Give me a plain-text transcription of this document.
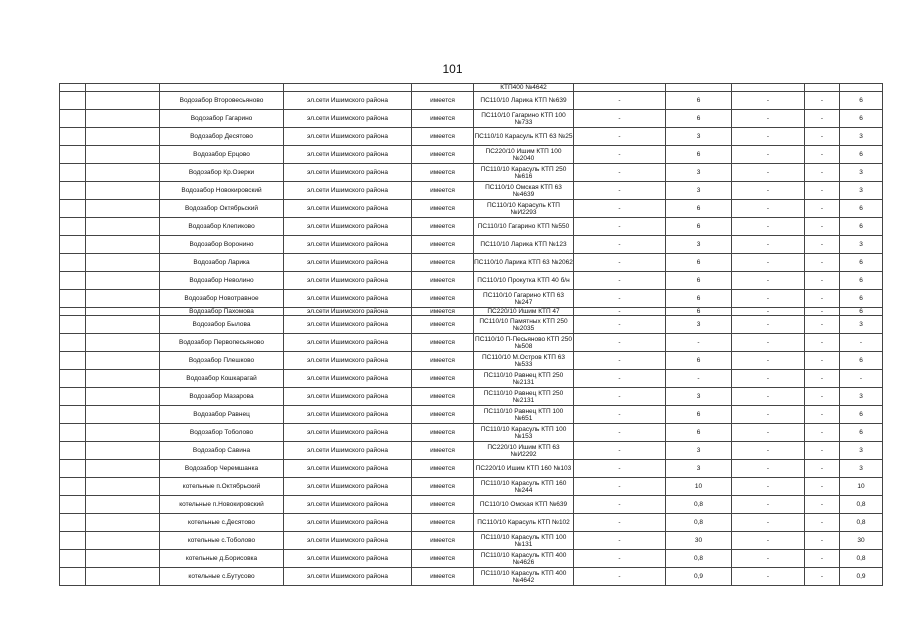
101

					КТП400 №4642					

		Водозабор Второвесьяново	эл.сети Ишимского района	имеется	ПС110/10 Ларика КТП №639	-	6	-	-	6

		Водозабор Гагарино	эл.сети Ишимского района	имеется	ПС110/10 Гагарино КТП 100 №733	-	6	-	-	6

		Водозабор Десятово	эл.сети Ишимского района	имеется	ПС110/10 Карасуль КТП 63 №25	-	3	-	-	3

		Водозабор Ерцово	эл.сети Ишимского района	имеется	ПС220/10 Ишим КТП 100 №2040	-	6	-	-	6

		Водозабор Кр.Озерки	эл.сети Ишимского района	имеется	ПС110/10 Карасуль КТП 250 №616	-	3	-	-	3

		Водозабор Новокировский	эл.сети Ишимского района	имеется	ПС110/10 Омская КТП 63 №4639	-	3	-	-	3

		Водозабор Октябрьский	эл.сети Ишимского района	имеется	ПС110/10 Карасуль КТП №И2293	-	6	-	-	6

		Водозабор Клепиково	эл.сети Ишимского района	имеется	ПС110/10 Гагарино КТП №550	-	6	-	-	6

		Водозабор Воронино	эл.сети Ишимского района	имеется	ПС110/10 Ларика КТП №123	-	3	-	-	3

		Водозабор Ларика	эл.сети Ишимского района	имеется	ПС110/10 Ларика КТП 63 №2062	-	6	-	-	6

		Водозабор Неволино	эл.сети Ишимского района	имеется	ПС110/10 Прокутка КТП 40 б/н	-	6	-	-	6

		Водозабор Новотравное	эл.сети Ишимского района	имеется	ПС110/10 Гагарино КТП 63 №247	-	6	-	-	6

		Водозабор Пахомова	эл.сети Ишимского района	имеется	ПС220/10 Ишим КТП 47	-	6	-	-	6

		Водозабор Былова	эл.сети Ишимского района	имеется	ПС110/10 Памятных КТП 250 №2035	-	3	-	-	3

		Водозабор Первопесьяново	эл.сети Ишимского района	имеется	ПС110/10 П-Песьяново КТП 250 №508	-	-	-	-	-

		Водозабор Плешково	эл.сети Ишимского района	имеется	ПС110/10 М.Остров КТП 63 №533	-	6	-	-	6

		Водозабор Кошкарагай	эл.сети Ишимского района	имеется	ПС110/10 Равнец КТП 250 №2131	-	-	-	-	-

		Водозабор Мазарова	эл.сети Ишимского района	имеется	ПС110/10 Равнец КТП 250 №2131	-	3	-	-	3

		Водозабор Равнец	эл.сети Ишимского района	имеется	ПС110/10 Равнец КТП 100 №651	-	6	-	-	6

		Водозабор Тоболово	эл.сети Ишимского района	имеется	ПС110/10 Карасуль КТП 100 №153	-	6	-	-	6

		Водозабор Савина	эл.сети Ишимского района	имеется	ПС220/10 Ишим КТП 63 №И2292	-	3	-	-	3

		Водозабор Черемшанка	эл.сети Ишимского района	имеется	ПС220/10 Ишим КТП 160 №103	-	3	-	-	3

		котельные п.Октябрьский	эл.сети Ишимского района	имеется	ПС110/10 Карасуль КТП 160 №244	-	10	-	-	10

		котельные п.Новокировский	эл.сети Ишимского района	имеется	ПС110/10 Омская КТП №639	-	0,8	-	-	0,8

		котельные с.Десятово	эл.сети Ишимского района	имеется	ПС110/10 Карасуль КТП №102	-	0,8	-	-	0,8

		котельные с.Тоболово	эл.сети Ишимского района	имеется	ПС110/10 Карасуль КТП 100 №131	-	30	-	-	30

		котельные д.Борисовка	эл.сети Ишимского района	имеется	ПС110/10 Карасуль КТП 400 №4626	-	0,8	-	-	0,8

		котельные с.Бутусово	эл.сети Ишимского района	имеется	ПС110/10 Карасуль КТП 400 №4642	-	0,9	-	-	0,9
